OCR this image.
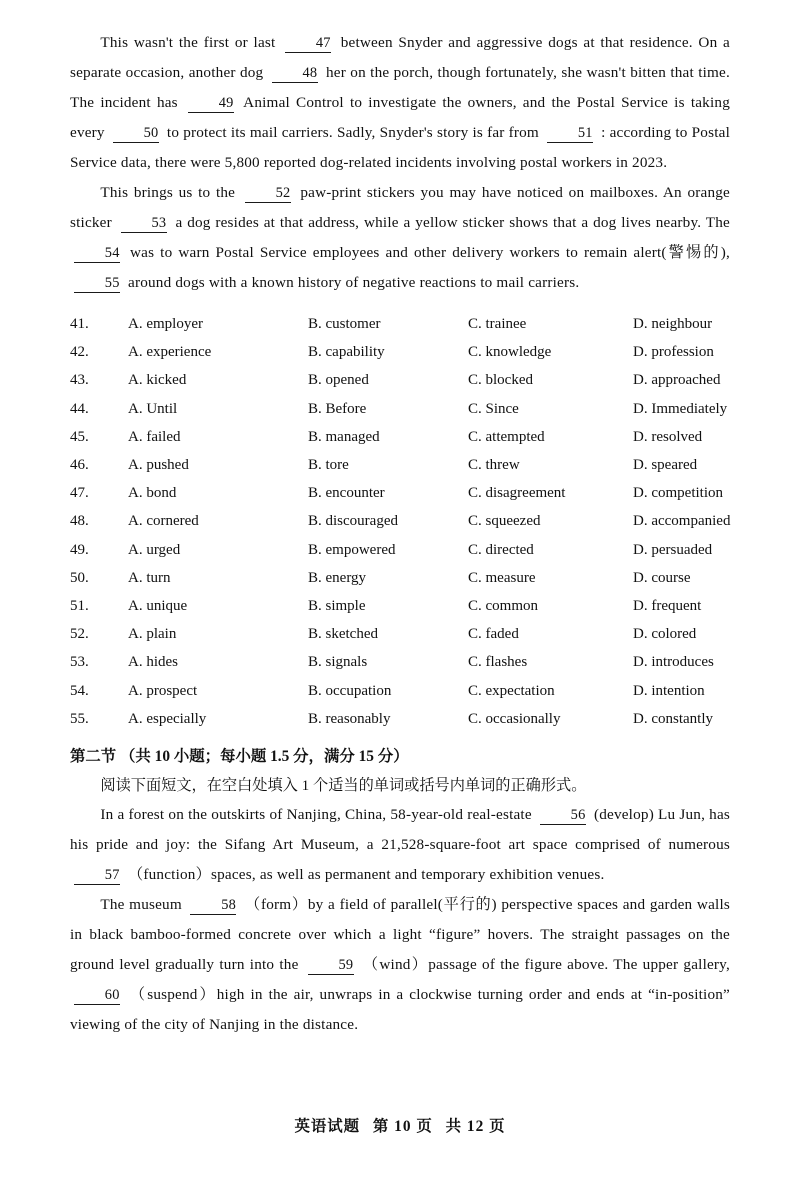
This wasn't the first or last 47 between Snyder and aggressive dogs at that residence. On a separate occasion, another dog 48 her on the porch, though fortunately, she wasn't bitten that time. The incident has 49 Animal Control to investigate the owners, and the Postal Service is taking every 50 to protect its mail carriers. Sadly, Snyder's story is far from 51 : according to Postal Service data, there were 5,800 reported dog-related incidents involving postal workers in 2023.

This brings us to the 52 paw-print stickers you may have noticed on mailboxes. An orange sticker 53 a dog resides at that address, while a yellow sticker shows that a dog lives nearby. The 54 was to warn Postal Service employees and other delivery workers to remain alert(警惕的), 55 around dogs with a known history of negative reactions to mail carriers.

41.	A. employer	B. customer	C. trainee	D. neighbour
42.	A. experience	B. capability	C. knowledge	D. profession
43.	A. kicked	B. opened	C. blocked	D. approached
44.	A. Until	B. Before	C. Since	D. Immediately
45.	A. failed	B. managed	C. attempted	D. resolved
46.	A. pushed	B. tore	C. threw	D. speared
47.	A. bond	B. encounter	C. disagreement	D. competition
48.	A. cornered	B. discouraged	C. squeezed	D. accompanied
49.	A. urged	B. empowered	C. directed	D. persuaded
50.	A. turn	B. energy	C. measure	D. course
51.	A. unique	B. simple	C. common	D. frequent
52.	A. plain	B. sketched	C. faded	D. colored
53.	A. hides	B. signals	C. flashes	D. introduces
54.	A. prospect	B. occupation	C. expectation	D. intention
55.	A. especially	B. reasonably	C. occasionally	D. constantly
第二节 （共 10 小题；每小题 1.5 分，满分 15 分）
阅读下面短文，在空白处填入 1 个适当的单词或括号内单词的正确形式。

In a forest on the outskirts of Nanjing, China, 58-year-old real-estate 56 (develop) Lu Jun, has his pride and joy: the Sifang Art Museum, a 21,528-square-foot art space comprised of numerous 57 （function）spaces, as well as permanent and temporary exhibition venues.

The museum 58 （form）by a field of parallel(平行的) perspective spaces and garden walls in black bamboo-formed concrete over which a light “figure” hovers. The straight passages on the ground level gradually turn into the 59 （wind）passage of the figure above. The upper gallery, 60 （suspend）high in the air, unwraps in a clockwise turning order and ends at “in-position” viewing of the city of Nanjing in the distance.

英语试题 第 10 页 共 12 页
